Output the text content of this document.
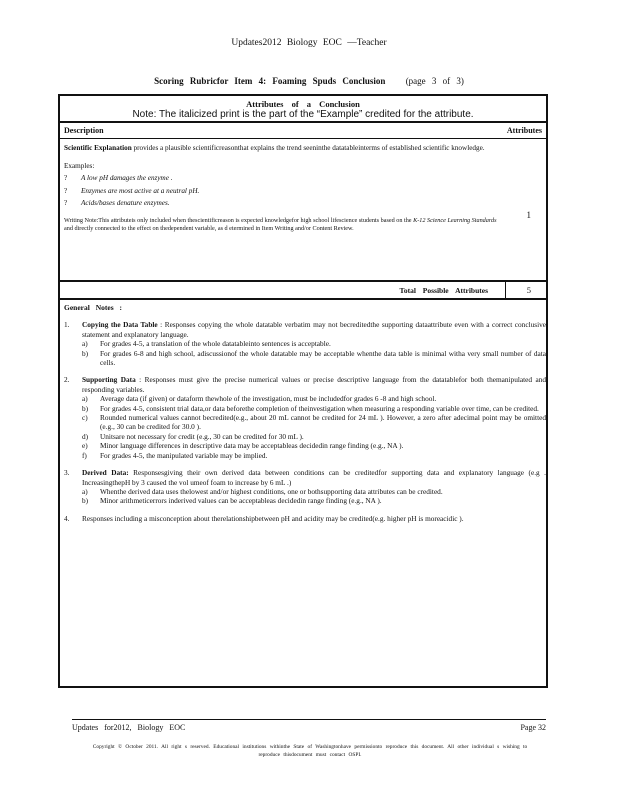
Updates2012 Biology EOC —Teacher
Scoring Rubricfor Item 4: Foaming Spuds Conclusion (page 3 of 3)
Attributes of a Conclusion
Note: The italicized print is the part of the “Example” credited for the attribute.
Description	Attributes
Scientific Explanation provides a plausible scientificreasonthat explains the trend seeninthe datatableinterms of established scientific knowledge.
Examples:
? A low pH damages the enzyme .
? Enzymes are most active at a neutral pH.
? Acids/bases denature enzymes.
Writing Note:This attributeis only included when thescientificreason is expected knowledgefor high school lifescience students based on the K-12 Science Learning Standards and directly connected to the effect on thedependent variable, as d etermined in Item Writing and/or Content Review.
1
Total Possible Attributes	5
General Notes :
1. Copying the Data Table : Responses copying the whole datatable verbatim may not becreditedthe supporting dataattribute even with a correct conclusive statement and explanatory language.
a) For grades 4-5, a translation of the whole datatableinto sentences is acceptable.
b) For grades 6-8 and high school, adiscussionof the whole datatable may be acceptable whenthe data table is minimal witha very small number of data cells.
2. Supporting Data : Responses must give the precise numerical values or precise descriptive language from the datatablefor both themanipulated and responding variables.
a) Average data (if given) or dataform thewhole of the investigation, must be includedfor grades 6 -8 and high school.
b) For grades 4-5, consistent trial data,or data beforethe completion of theinvestigation when measuring a responding variable over time, can be credited.
c) Rounded numerical values cannot becredited(e.g., about 20 mL cannot be credited for 24 mL ). However, a zero after adecimal point may be omitted (e.g., 30 can be credited for 30.0 ).
d) Unitsare not necessary for credit (e.g., 30 can be credited for 30 mL ).
e) Minor language differences in descriptive data may be acceptableas decidedin range finding (e.g., NA ).
f) For grades 4-5, the manipulated variable may be implied.
3. Derived Data: Responsesgiving their own derived data between conditions can be creditedfor supporting data and explanatory language (e.g . IncreasingthepH by 3 caused the vol umeof foam to increase by 6 mL .)
a) Whenthe derived data uses thelowest and/or highest conditions, one or bothsupporting data attributes can be credited.
b) Minor arithmeticerrors inderived values can be acceptableas decidedin range finding (e.g., NA ).
4. Responses including a misconception about therelationshipbetween pH and acidity may be credited(e.g. higher pH is moreacidic ).
Updates for2012, Biology EOC	Page 32
Copyright © October 2011. All right s reserved. Educational institutions withinthe State of Washingtonhave permissionto reproduce this document. All other individual s wishing to reproduce thisdocument must contact OSPI.
